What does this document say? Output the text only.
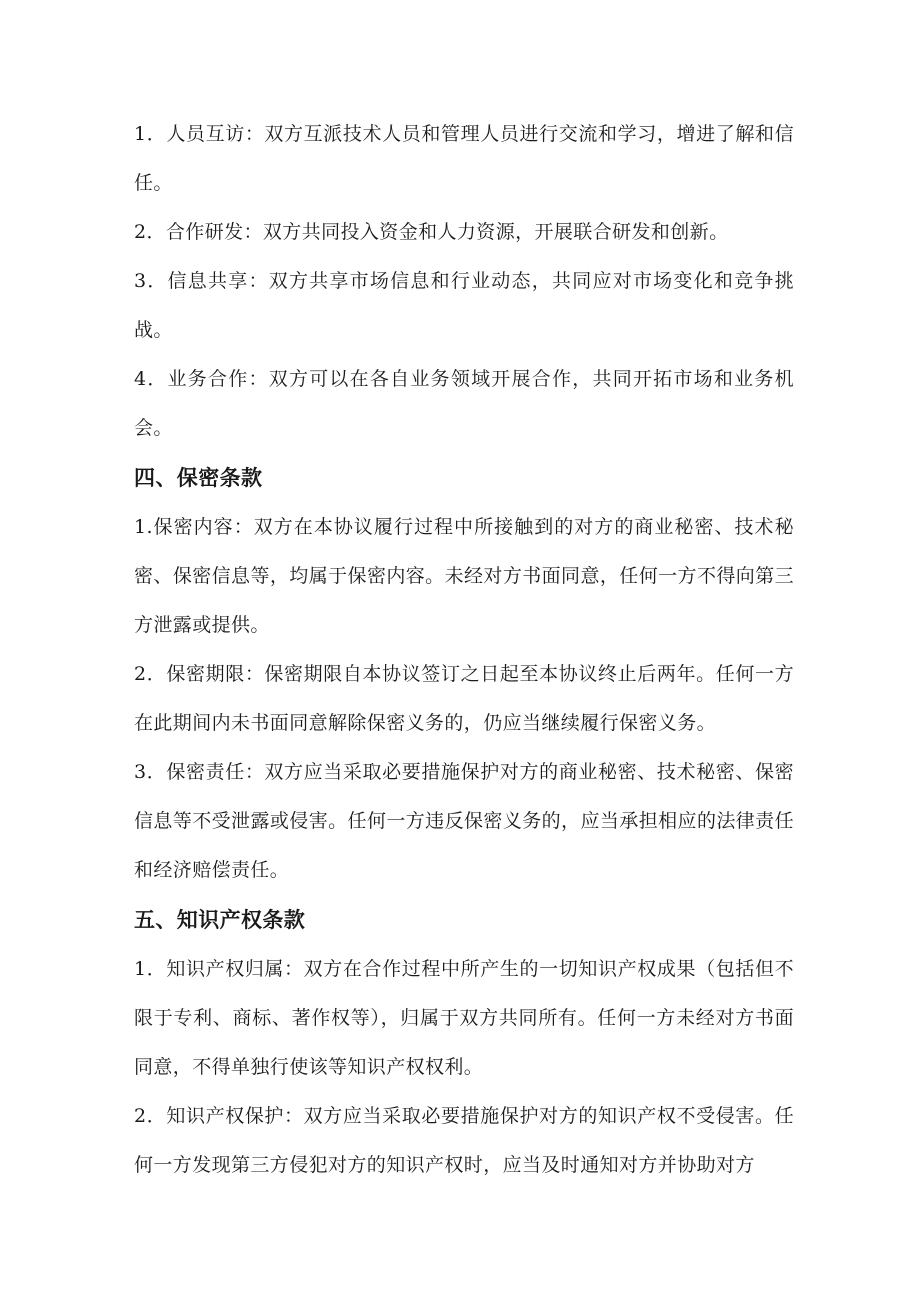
1．人员互访：双方互派技术人员和管理人员进行交流和学习，增进了解和信任。

2．合作研发：双方共同投入资金和人力资源，开展联合研发和创新。

3．信息共享：双方共享市场信息和行业动态，共同应对市场变化和竞争挑战。

4．业务合作：双方可以在各自业务领域开展合作，共同开拓市场和业务机会。

四、保密条款

1.保密内容：双方在本协议履行过程中所接触到的对方的商业秘密、技术秘密、保密信息等，均属于保密内容。未经对方书面同意，任何一方不得向第三方泄露或提供。

2．保密期限：保密期限自本协议签订之日起至本协议终止后两年。任何一方在此期间内未书面同意解除保密义务的，仍应当继续履行保密义务。

3．保密责任：双方应当采取必要措施保护对方的商业秘密、技术秘密、保密信息等不受泄露或侵害。任何一方违反保密义务的，应当承担相应的法律责任和经济赔偿责任。

五、知识产权条款

1．知识产权归属：双方在合作过程中所产生的一切知识产权成果（包括但不限于专利、商标、著作权等），归属于双方共同所有。任何一方未经对方书面同意，不得单独行使该等知识产权权利。

2．知识产权保护：双方应当采取必要措施保护对方的知识产权不受侵害。任何一方发现第三方侵犯对方的知识产权时，应当及时通知对方并协助对方
